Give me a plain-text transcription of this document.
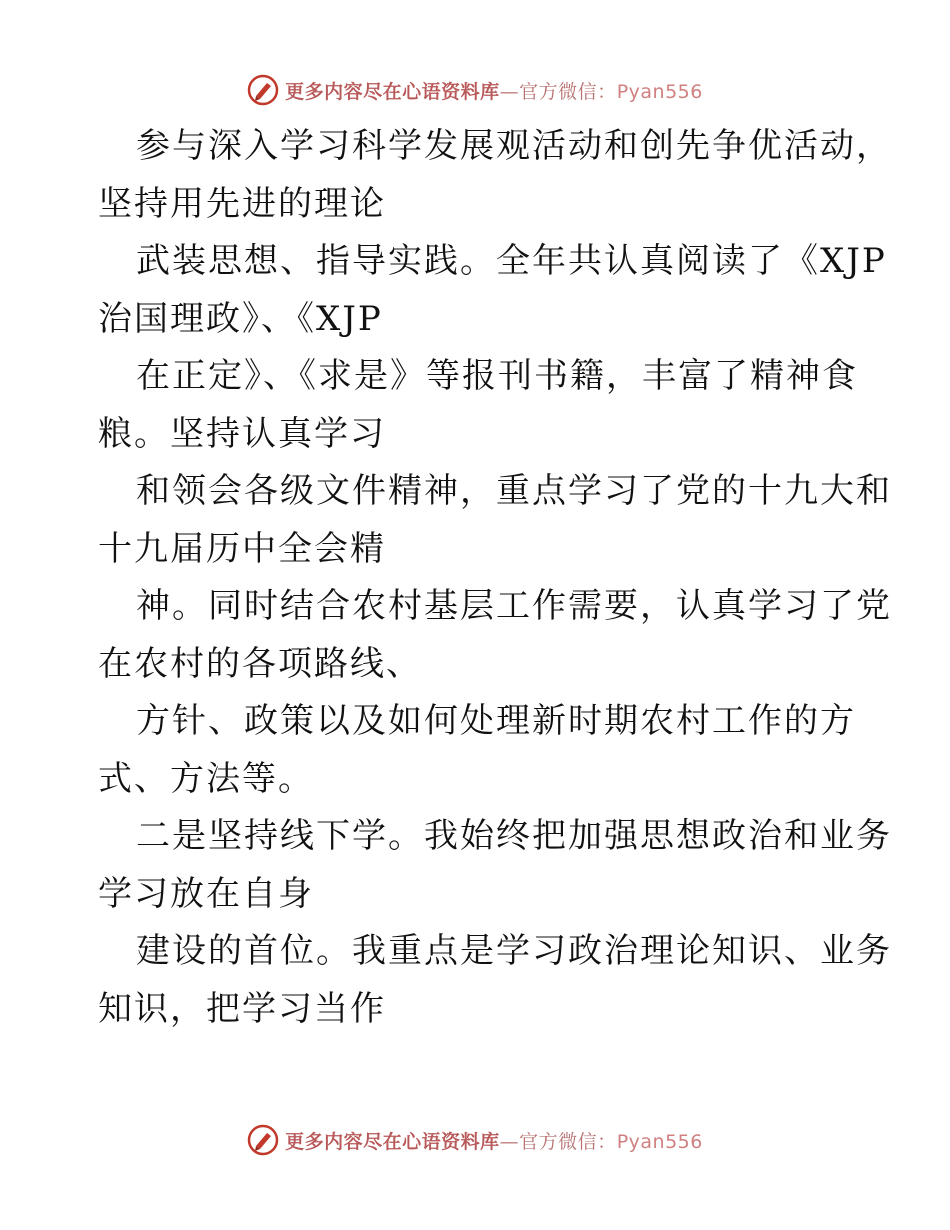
更多内容尽在心语资料库—官方微信：Pyan556
参与深入学习科学发展观活动和创先争优活动，
坚持用先进的理论
武装思想、指导实践。全年共认真阅读了《XJP
治国理政》、《XJP
在正定》、《求是》等报刊书籍，丰富了精神食
粮。坚持认真学习
和领会各级文件精神，重点学习了党的十九大和
十九届历中全会精
神。同时结合农村基层工作需要，认真学习了党
在农村的各项路线、
方针、政策以及如何处理新时期农村工作的方
式、方法等。
二是坚持线下学。我始终把加强思想政治和业务
学习放在自身
建设的首位。我重点是学习政治理论知识、业务
知识，把学习当作
更多内容尽在心语资料库—官方微信：Pyan556
